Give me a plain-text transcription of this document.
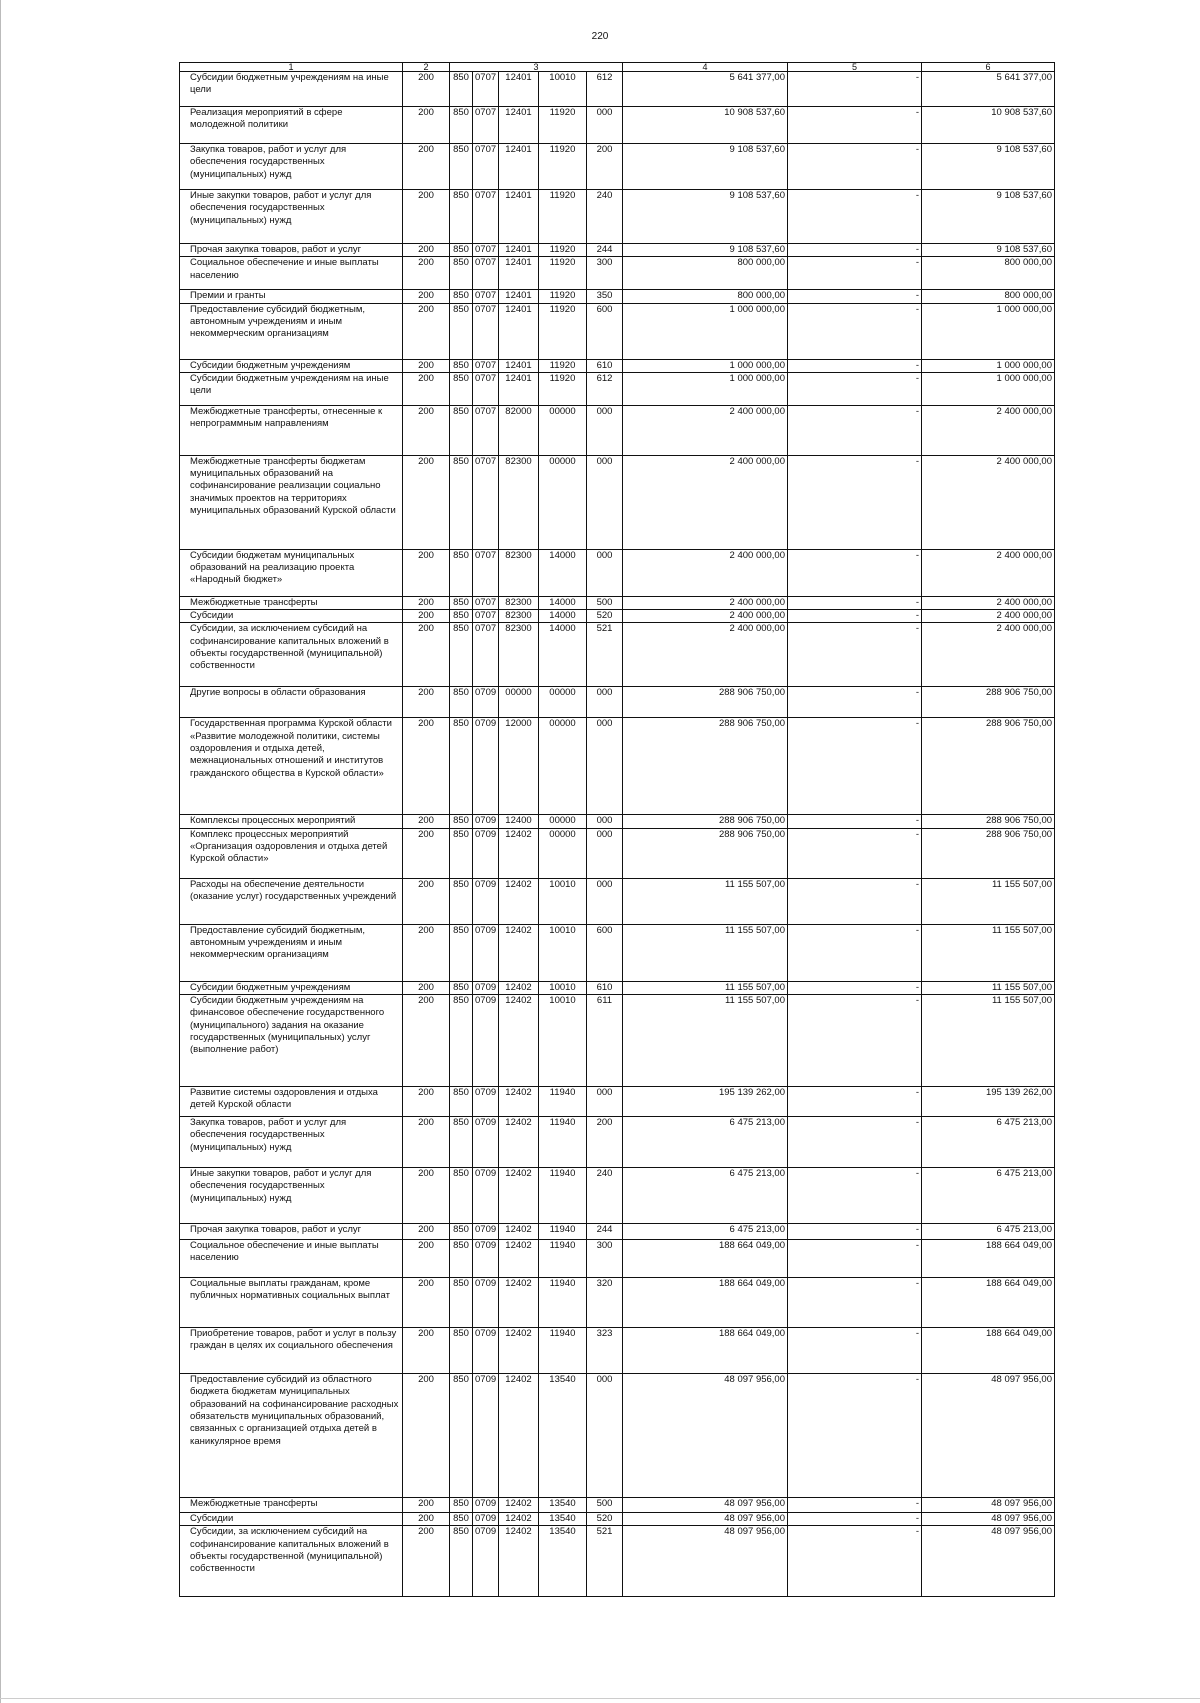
220
1	2	3					4	5	6
Субсидии бюджетным учреждениям на иные цели	200	850	0707	12401	10010	612	5 641 377,00	-	5 641 377,00
Реализация мероприятий в сфере молодежной политики	200	850	0707	12401	11920	000	10 908 537,60	-	10 908 537,60
Закупка товаров, работ и услуг для обеспечения государственных (муниципальных) нужд	200	850	0707	12401	11920	200	9 108 537,60	-	9 108 537,60
Иные закупки товаров, работ и услуг для обеспечения государственных (муниципальных) нужд	200	850	0707	12401	11920	240	9 108 537,60	-	9 108 537,60
Прочая закупка товаров, работ и услуг	200	850	0707	12401	11920	244	9 108 537,60	-	9 108 537,60
Социальное обеспечение и иные выплаты населению	200	850	0707	12401	11920	300	800 000,00	-	800 000,00
Премии и гранты	200	850	0707	12401	11920	350	800 000,00	-	800 000,00
Предоставление субсидий бюджетным, автономным учреждениям и иным некоммерческим организациям	200	850	0707	12401	11920	600	1 000 000,00	-	1 000 000,00
Субсидии бюджетным учреждениям	200	850	0707	12401	11920	610	1 000 000,00	-	1 000 000,00
Субсидии бюджетным учреждениям на иные цели	200	850	0707	12401	11920	612	1 000 000,00	-	1 000 000,00
Межбюджетные трансферты, отнесенные к непрограммным направлениям	200	850	0707	82000	00000	000	2 400 000,00	-	2 400 000,00
Межбюджетные трансферты бюджетам муниципальных образований на софинансирование реализации социально значимых проектов на территориях муниципальных образований Курской области	200	850	0707	82300	00000	000	2 400 000,00	-	2 400 000,00
Субсидии бюджетам муниципальных образований на реализацию проекта «Народный бюджет»	200	850	0707	82300	14000	000	2 400 000,00	-	2 400 000,00
Межбюджетные трансферты	200	850	0707	82300	14000	500	2 400 000,00	-	2 400 000,00
Субсидии	200	850	0707	82300	14000	520	2 400 000,00	-	2 400 000,00
Субсидии, за исключением субсидий на софинансирование капитальных вложений в объекты государственной (муниципальной) собственности	200	850	0707	82300	14000	521	2 400 000,00	-	2 400 000,00
Другие вопросы в области образования	200	850	0709	00000	00000	000	288 906 750,00	-	288 906 750,00
Государственная программа Курской области «Развитие молодежной политики, системы оздоровления и отдыха детей, межнациональных отношений и институтов гражданского общества в Курской области»	200	850	0709	12000	00000	000	288 906 750,00	-	288 906 750,00
Комплексы процессных мероприятий	200	850	0709	12400	00000	000	288 906 750,00	-	288 906 750,00
Комплекс процессных мероприятий «Организация оздоровления и отдыха детей Курской области»	200	850	0709	12402	00000	000	288 906 750,00	-	288 906 750,00
Расходы на обеспечение деятельности (оказание услуг) государственных учреждений	200	850	0709	12402	10010	000	11 155 507,00	-	11 155 507,00
Предоставление субсидий бюджетным, автономным учреждениям и иным некоммерческим организациям	200	850	0709	12402	10010	600	11 155 507,00	-	11 155 507,00
Субсидии бюджетным учреждениям	200	850	0709	12402	10010	610	11 155 507,00	-	11 155 507,00
Субсидии бюджетным учреждениям на финансовое обеспечение государственного (муниципального) задания на оказание государственных (муниципальных) услуг (выполнение работ)	200	850	0709	12402	10010	611	11 155 507,00	-	11 155 507,00
Развитие системы оздоровления и отдыха детей Курской области	200	850	0709	12402	11940	000	195 139 262,00	-	195 139 262,00
Закупка товаров, работ и услуг для обеспечения государственных (муниципальных) нужд	200	850	0709	12402	11940	200	6 475 213,00	-	6 475 213,00
Иные закупки товаров, работ и услуг для обеспечения государственных (муниципальных) нужд	200	850	0709	12402	11940	240	6 475 213,00	-	6 475 213,00
Прочая закупка товаров, работ и услуг	200	850	0709	12402	11940	244	6 475 213,00	-	6 475 213,00
Социальное обеспечение и иные выплаты населению	200	850	0709	12402	11940	300	188 664 049,00	-	188 664 049,00
Социальные выплаты гражданам, кроме публичных нормативных социальных выплат	200	850	0709	12402	11940	320	188 664 049,00	-	188 664 049,00
Приобретение товаров, работ и услуг в пользу граждан в целях их социального обеспечения	200	850	0709	12402	11940	323	188 664 049,00	-	188 664 049,00
Предоставление субсидий из областного бюджета бюджетам муниципальных образований на софинансирование расходных обязательств муниципальных образований, связанных с организацией отдыха детей в каникулярное время	200	850	0709	12402	13540	000	48 097 956,00	-	48 097 956,00
Межбюджетные трансферты	200	850	0709	12402	13540	500	48 097 956,00	-	48 097 956,00
Субсидии	200	850	0709	12402	13540	520	48 097 956,00	-	48 097 956,00
Субсидии, за исключением субсидий на софинансирование капитальных вложений в объекты государственной (муниципальной) собственности	200	850	0709	12402	13540	521	48 097 956,00	-	48 097 956,00
